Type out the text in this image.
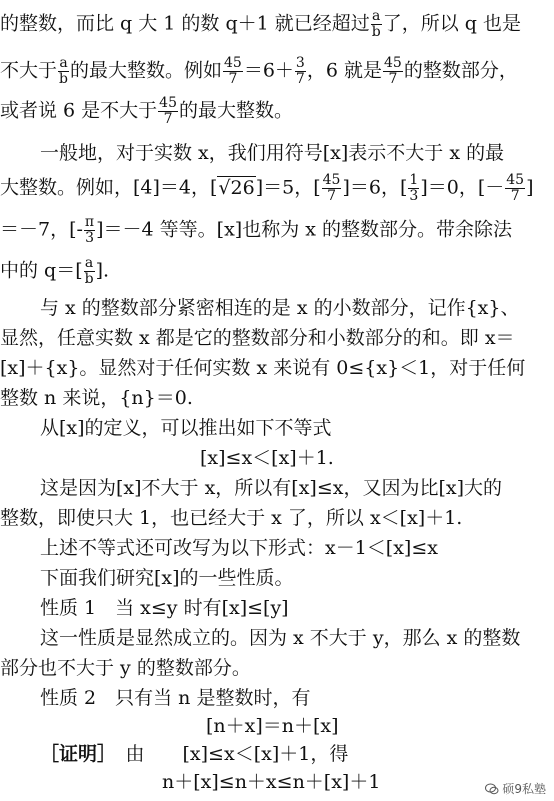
的整数，而比 q 大 1 的数 q＋1 就已经超过 $\frac{a}{b}$ 了，所以 q 也是
不大于 $\frac{a}{b}$ 的最大整数。例如 $\frac{45}{7} =6+ \frac{3}{7}$ ，6 就是 $\frac{45}{7}$ 的整数部分，
或者说 6 是不大于 $\frac{45}{7}$ 的最大整数。
一般地，对于实数 x，我们用符号[x]表示不大于 x 的最
大整数。例如，[4]＝4，[√26]＝5，[ $\frac{45}{7} ]=6$，[ $\frac{1}{3} ]=0$，[－ $\frac{45}{7}$ ]
＝－7，[- $\frac{\pi}{3} ]=-4$ 等等。[x]也称为 x 的整数部分。带余除法
中的 $q=[ \frac{a}{b}$ ].
与 x 的整数部分紧密相连的是 x 的小数部分，记作{x}、
显然，任意实数 x 都是它的整数部分和小数部分的和。即 x＝
[x]＋{x}。显然对于任何实数 x 来说有 0≤{x}＜1，对于任何
整数 n 来说，{n}＝0.
从[x]的定义，可以推出如下不等式
[x]≤x＜[x]＋1.
这是因为[x]不大于 x，所以有[x]≤x，又因为比[x]大的
整数，即使只大 1，也已经大于 x 了，所以 x＜[x]＋1.
上述不等式还可改写为以下形式：x－1＜[x]≤x
下面我们研究[x]的一些性质。
性质 1　当 x≤y 时有[x]≤[y]
这一性质是显然成立的。因为 x 不大于 y，那么 x 的整数
部分也不大于 y 的整数部分。
性质 2　只有当 n 是整数时，有
[n＋x]＝n＋[x]
［证明］　由　　[x]≤x＜[x]＋1，得
n＋[x]≤n＋x≤n＋[x]＋1	硕9私塾
